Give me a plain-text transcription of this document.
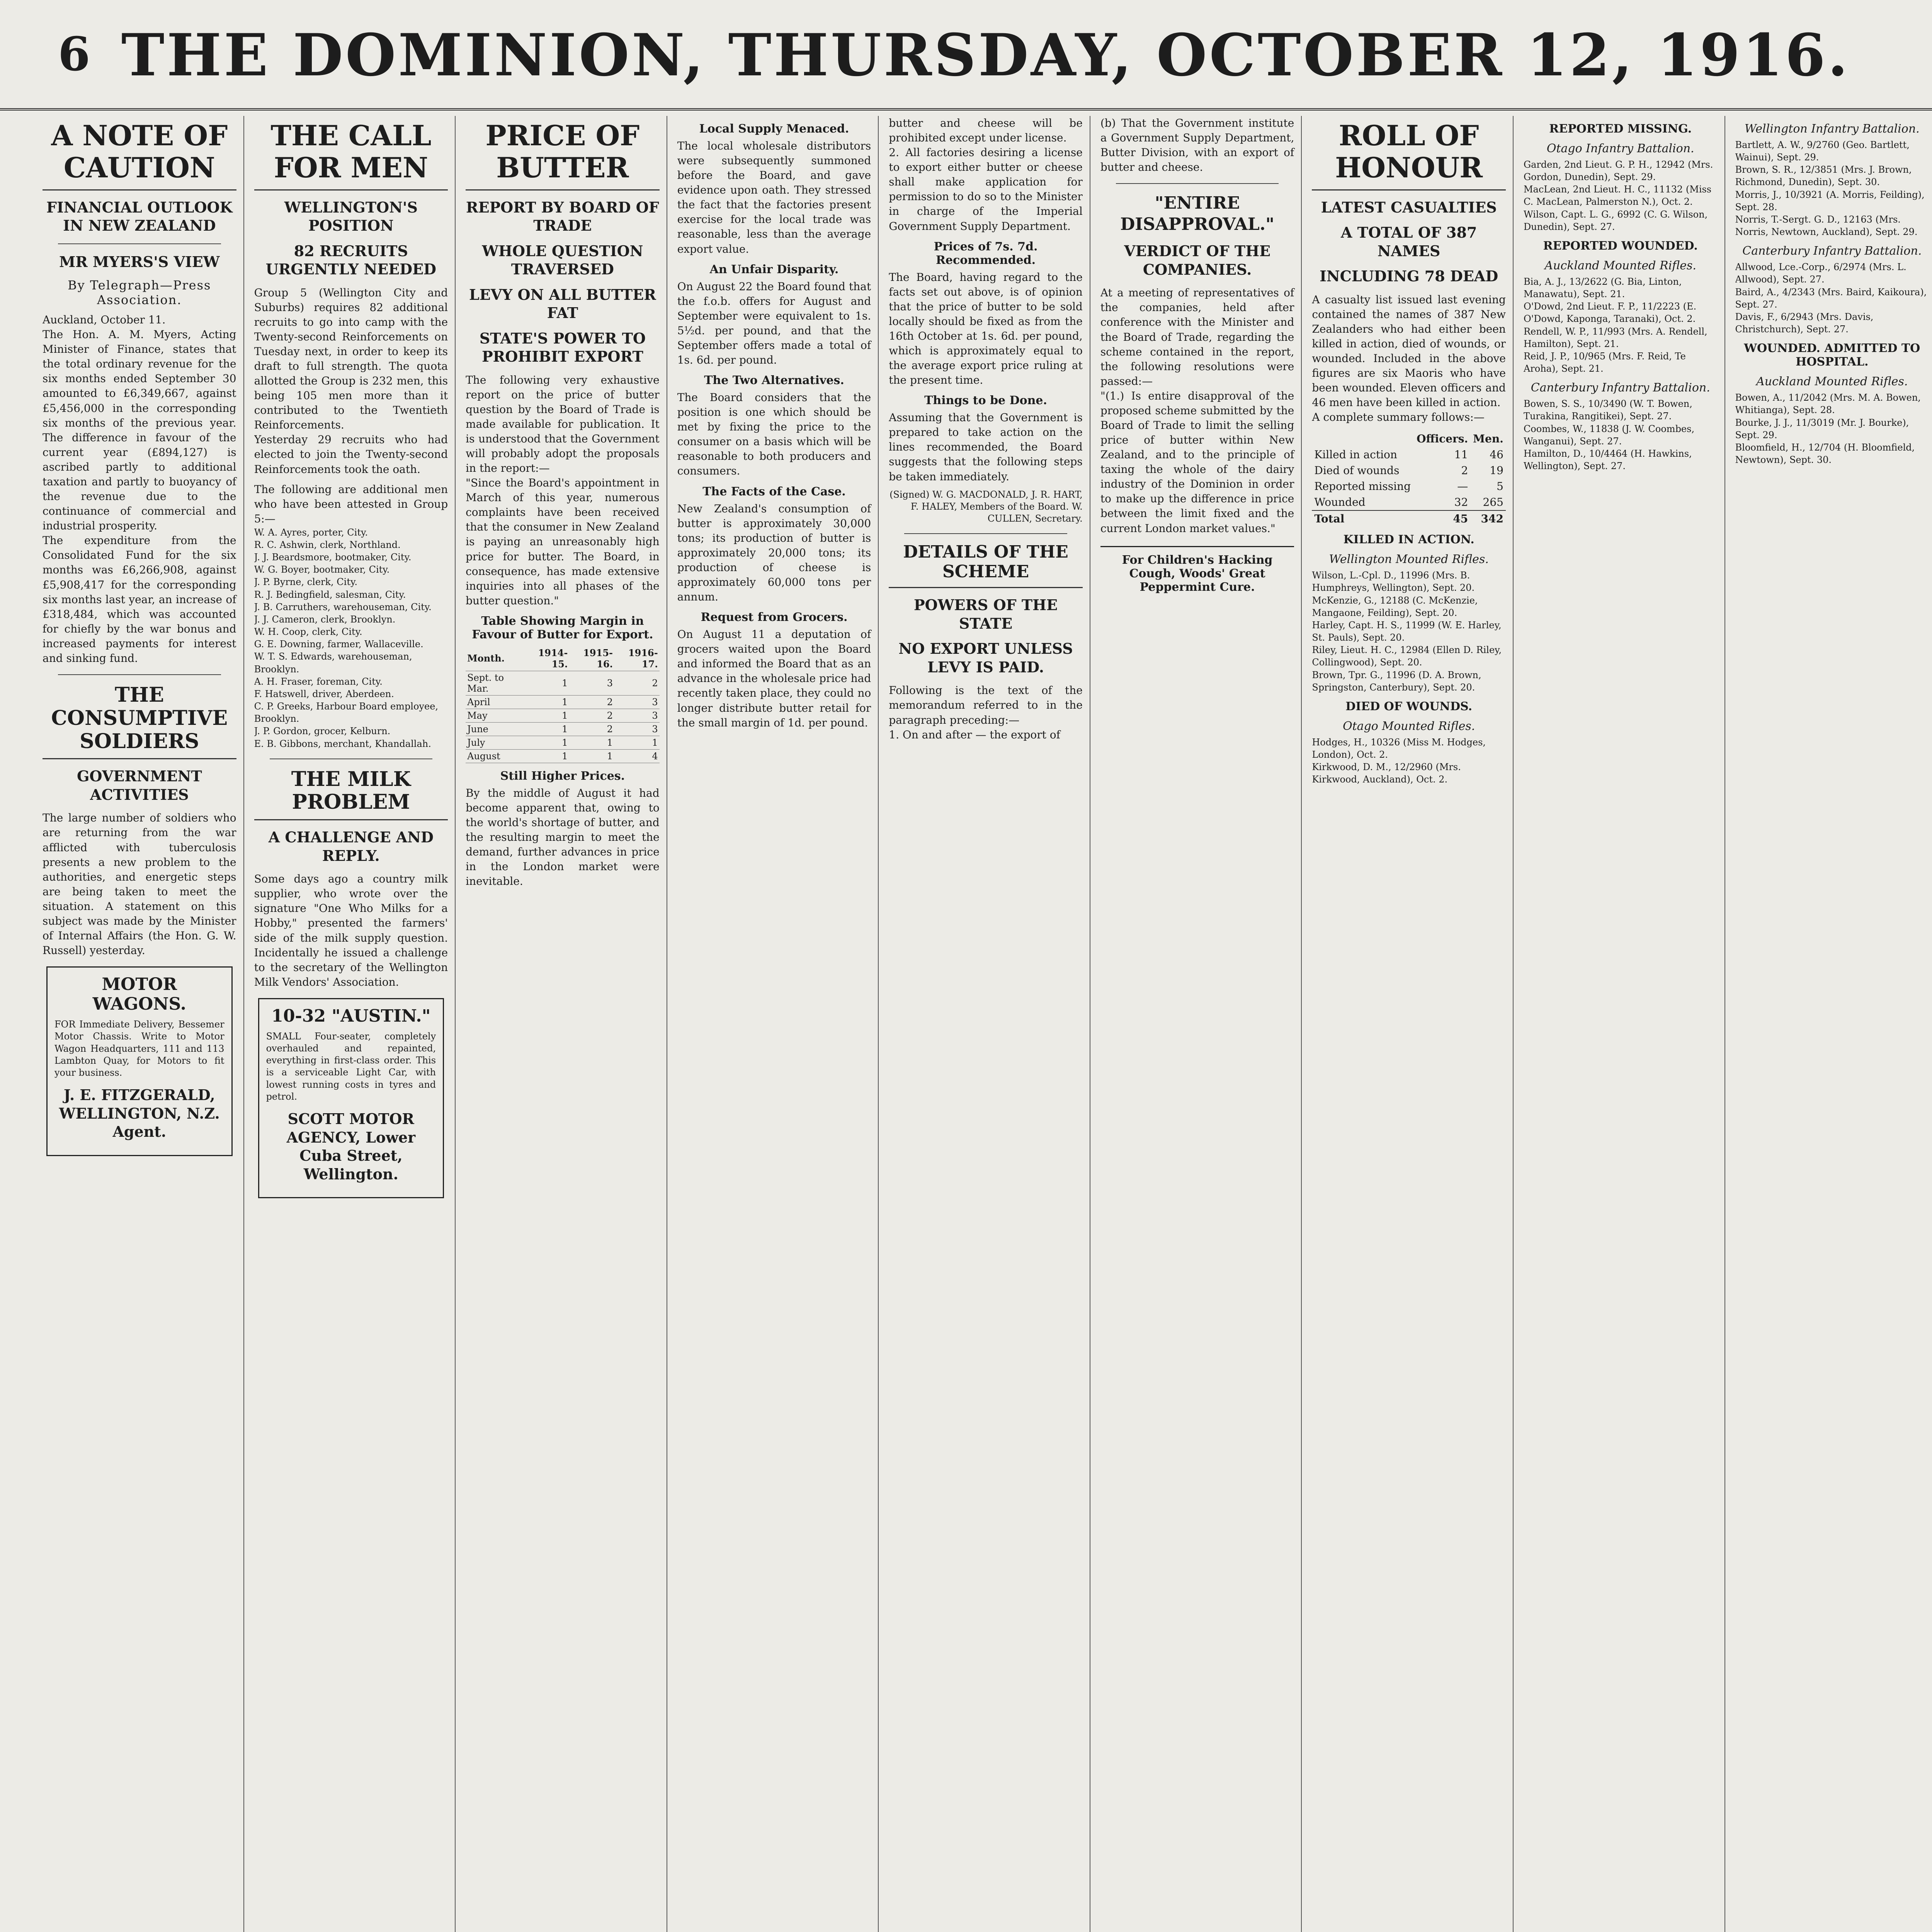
6 THE DOMINION, THURSDAY, OCTOBER 12, 1916.
A NOTE OF CAUTION
FINANCIAL OUTLOOK IN NEW ZEALAND
MR MYERS'S VIEW
By Telegraph—Press Association.

Auckland, October 11.
The Hon. A. M. Myers, Acting Minister of Finance, states that the total ordinary revenue for the six months ended September 30 amounted to £6,349,667, against £5,456,000 in the corresponding six months of the previous year. The difference in favour of the current year (£894,127) is ascribed partly to additional taxation and partly to buoyancy of the revenue due to the continuance of commercial and industrial prosperity.
The expenditure from the Consolidated Fund for the six months was £6,266,908, against £5,908,417 for the corresponding six months last year, an increase of £318,484, which was accounted for chiefly by the war bonus and increased payments for interest and sinking fund.

THE CONSUMPTIVE SOLDIERS
GOVERNMENT ACTIVITIES

The large number of soldiers who are returning from the war afflicted with tuberculosis presents a new problem to the authorities, and energetic steps are being taken to meet the situation. A statement on this subject was made by the Minister of Internal Affairs (the Hon. G. W. Russell) yesterday.

MOTOR WAGONS.

FOR Immediate Delivery, Bessemer Motor Chassis. Write to Motor Wagon Headquarters, 111 and 113 Lambton Quay, for Motors to fit your business.

J. E. FITZGERALD, WELLINGTON, N.Z. Agent.
THE CALL FOR MEN
WELLINGTON'S POSITION
82 RECRUITS URGENTLY NEEDED

Group 5 (Wellington City and Suburbs) requires 82 additional recruits to go into camp with the Twenty-second Reinforcements on Tuesday next, in order to keep its draft to full strength. The quota allotted the Group is 232 men, this being 105 men more than it contributed to the Twentieth Reinforcements.
Yesterday 29 recruits who had elected to join the Twenty-second Reinforcements took the oath.

The following are additional men who have been attested in Group 5:—

W. A. Ayres, porter, City.
R. C. Ashwin, clerk, Northland.
J. J. Beardsmore, bootmaker, City.
W. G. Boyer, bootmaker, City.
J. P. Byrne, clerk, City.
R. J. Bedingfield, salesman, City.
J. B. Carruthers, warehouseman, City.
J. J. Cameron, clerk, Brooklyn.
W. H. Coop, clerk, City.
G. E. Downing, farmer, Wallaceville.
W. T. S. Edwards, warehouseman, Brooklyn.
A. H. Fraser, foreman, City.
F. Hatswell, driver, Aberdeen.
C. P. Greeks, Harbour Board employee, Brooklyn.
J. P. Gordon, grocer, Kelburn.
E. B. Gibbons, merchant, Khandallah.

THE MILK PROBLEM
A CHALLENGE AND REPLY.

Some days ago a country milk supplier, who wrote over the signature "One Who Milks for a Hobby," presented the farmers' side of the milk supply question. Incidentally he issued a challenge to the secretary of the Wellington Milk Vendors' Association.

10-32 "AUSTIN."

SMALL Four-seater, completely overhauled and repainted, everything in first-class order. This is a serviceable Light Car, with lowest running costs in tyres and petrol.

SCOTT MOTOR AGENCY, Lower Cuba Street, Wellington.
PRICE OF BUTTER
REPORT BY BOARD OF TRADE
WHOLE QUESTION TRAVERSED
LEVY ON ALL BUTTER FAT
STATE'S POWER TO PROHIBIT EXPORT

The following very exhaustive report on the price of butter question by the Board of Trade is made available for publication. It is understood that the Government will probably adopt the proposals in the report:—
"Since the Board's appointment in March of this year, numerous complaints have been received that the consumer in New Zealand is paying an unreasonably high price for butter. The Board, in consequence, has made extensive inquiries into all phases of the butter question."

Table Showing Margin in Favour of Butter for Export.
Month.	1914-15.	1915-16.	1916-17.
Sept. to Mar.	1	3	2
April	1	2	3
May	1	2	3
June	1	2	3
July	1	1	1
August	1	1	4
Still Higher Prices.

By the middle of August it had become apparent that, owing to the world's shortage of butter, and the resulting margin to meet the demand, further advances in price in the London market were inevitable.

Local Supply Menaced.

The local wholesale distributors were subsequently summoned before the Board, and gave evidence upon oath. They stressed the fact that the factories present exercise for the local trade was reasonable, less than the average export value.

An Unfair Disparity.

On August 22 the Board found that the f.o.b. offers for August and September were equivalent to 1s. 5½d. per pound, and that the September offers made a total of 1s. 6d. per pound.

The Two Alternatives.

The Board considers that the position is one which should be met by fixing the price to the consumer on a basis which will be reasonable to both producers and consumers.

The Facts of the Case.

New Zealand's consumption of butter is approximately 30,000 tons; its production of butter is approximately 20,000 tons; its production of cheese is approximately 60,000 tons per annum.

Request from Grocers.

On August 11 a deputation of grocers waited upon the Board and informed the Board that as an advance in the wholesale price had recently taken place, they could no longer distribute butter retail for the small margin of 1d. per pound.

butter and cheese will be prohibited except under license.
2. All factories desiring a license to export either butter or cheese shall make application for permission to do so to the Minister in charge of the Imperial Government Supply Department.

Prices of 7s. 7d. Recommended.

The Board, having regard to the facts set out above, is of opinion that the price of butter to be sold locally should be fixed as from the 16th October at 1s. 6d. per pound, which is approximately equal to the average export price ruling at the present time.

Things to be Done.

Assuming that the Government is prepared to take action on the lines recommended, the Board suggests that the following steps be taken immediately.

(Signed) W. G. MACDONALD, J. R. HART, F. HALEY, Members of the Board. W. CULLEN, Secretary.

DETAILS OF THE SCHEME
POWERS OF THE STATE
NO EXPORT UNLESS LEVY IS PAID.

Following is the text of the memorandum referred to in the paragraph preceding:—
1. On and after — the export of

(b) That the Government institute a Government Supply Department, Butter Division, with an export of butter and cheese.

"ENTIRE DISAPPROVAL."
VERDICT OF THE COMPANIES.

At a meeting of representatives of the companies, held after conference with the Minister and the Board of Trade, regarding the scheme contained in the report, the following resolutions were passed:—
"(1.) Is entire disapproval of the proposed scheme submitted by the Board of Trade to limit the selling price of butter within New Zealand, and to the principle of taxing the whole of the dairy industry of the Dominion in order to make up the difference in price between the limit fixed and the current London market values."

For Children's Hacking Cough, Woods' Great Peppermint Cure.
ROLL OF HONOUR
LATEST CASUALTIES
A TOTAL OF 387 NAMES
INCLUDING 78 DEAD

A casualty list issued last evening contained the names of 387 New Zealanders who had either been killed in action, died of wounds, or wounded. Included in the above figures are six Maoris who have been wounded. Eleven officers and 46 men have been killed in action.

A complete summary follows:—

	Officers.	Men.
Killed in action	11	46
Died of wounds	2	19
Reported missing	—	5
Wounded	32	265
Total	45	342
KILLED IN ACTION.
Wellington Mounted Rifles.

Wilson, L.-Cpl. D., 11996 (Mrs. B. Humphreys, Wellington), Sept. 20.
McKenzie, G., 12188 (C. McKenzie, Mangaone, Feilding), Sept. 20.
Harley, Capt. H. S., 11999 (W. E. Harley, St. Pauls), Sept. 20.
Riley, Lieut. H. C., 12984 (Ellen D. Riley, Collingwood), Sept. 20.
Brown, Tpr. G., 11996 (D. A. Brown, Springston, Canterbury), Sept. 20.

DIED OF WOUNDS.
Otago Mounted Rifles.

Hodges, H., 10326 (Miss M. Hodges, London), Oct. 2.
Kirkwood, D. M., 12/2960 (Mrs. Kirkwood, Auckland), Oct. 2.

REPORTED MISSING.
Otago Infantry Battalion.

Garden, 2nd Lieut. G. P. H., 12942 (Mrs. Gordon, Dunedin), Sept. 29.
MacLean, 2nd Lieut. H. C., 11132 (Miss C. MacLean, Palmerston N.), Oct. 2.
Wilson, Capt. L. G., 6992 (C. G. Wilson, Dunedin), Sept. 27.

REPORTED WOUNDED.
Auckland Mounted Rifles.

Bia, A. J., 13/2622 (G. Bia, Linton, Manawatu), Sept. 21.
O'Dowd, 2nd Lieut. F. P., 11/2223 (E. O'Dowd, Kaponga, Taranaki), Oct. 2.
Rendell, W. P., 11/993 (Mrs. A. Rendell, Hamilton), Sept. 21.
Reid, J. P., 10/965 (Mrs. F. Reid, Te Aroha), Sept. 21.

Canterbury Infantry Battalion.

Bowen, S. S., 10/3490 (W. T. Bowen, Turakina, Rangitikei), Sept. 27.
Coombes, W., 11838 (J. W. Coombes, Wanganui), Sept. 27.
Hamilton, D., 10/4464 (H. Hawkins, Wellington), Sept. 27.

Wellington Infantry Battalion.

Bartlett, A. W., 9/2760 (Geo. Bartlett, Wainui), Sept. 29.
Brown, S. R., 12/3851 (Mrs. J. Brown, Richmond, Dunedin), Sept. 30.
Morris, J., 10/3921 (A. Morris, Feilding), Sept. 28.
Norris, T.-Sergt. G. D., 12163 (Mrs. Norris, Newtown, Auckland), Sept. 29.

Canterbury Infantry Battalion.

Allwood, Lce.-Corp., 6/2974 (Mrs. L. Allwood), Sept. 27.
Baird, A., 4/2343 (Mrs. Baird, Kaikoura), Sept. 27.
Davis, F., 6/2943 (Mrs. Davis, Christchurch), Sept. 27.

WOUNDED. ADMITTED TO HOSPITAL.
Auckland Mounted Rifles.

Bowen, A., 11/2042 (Mrs. M. A. Bowen, Whitianga), Sept. 28.
Bourke, J. J., 11/3019 (Mr. J. Bourke), Sept. 29.
Bloomfield, H., 12/704 (H. Bloomfield, Newtown), Sept. 30.
